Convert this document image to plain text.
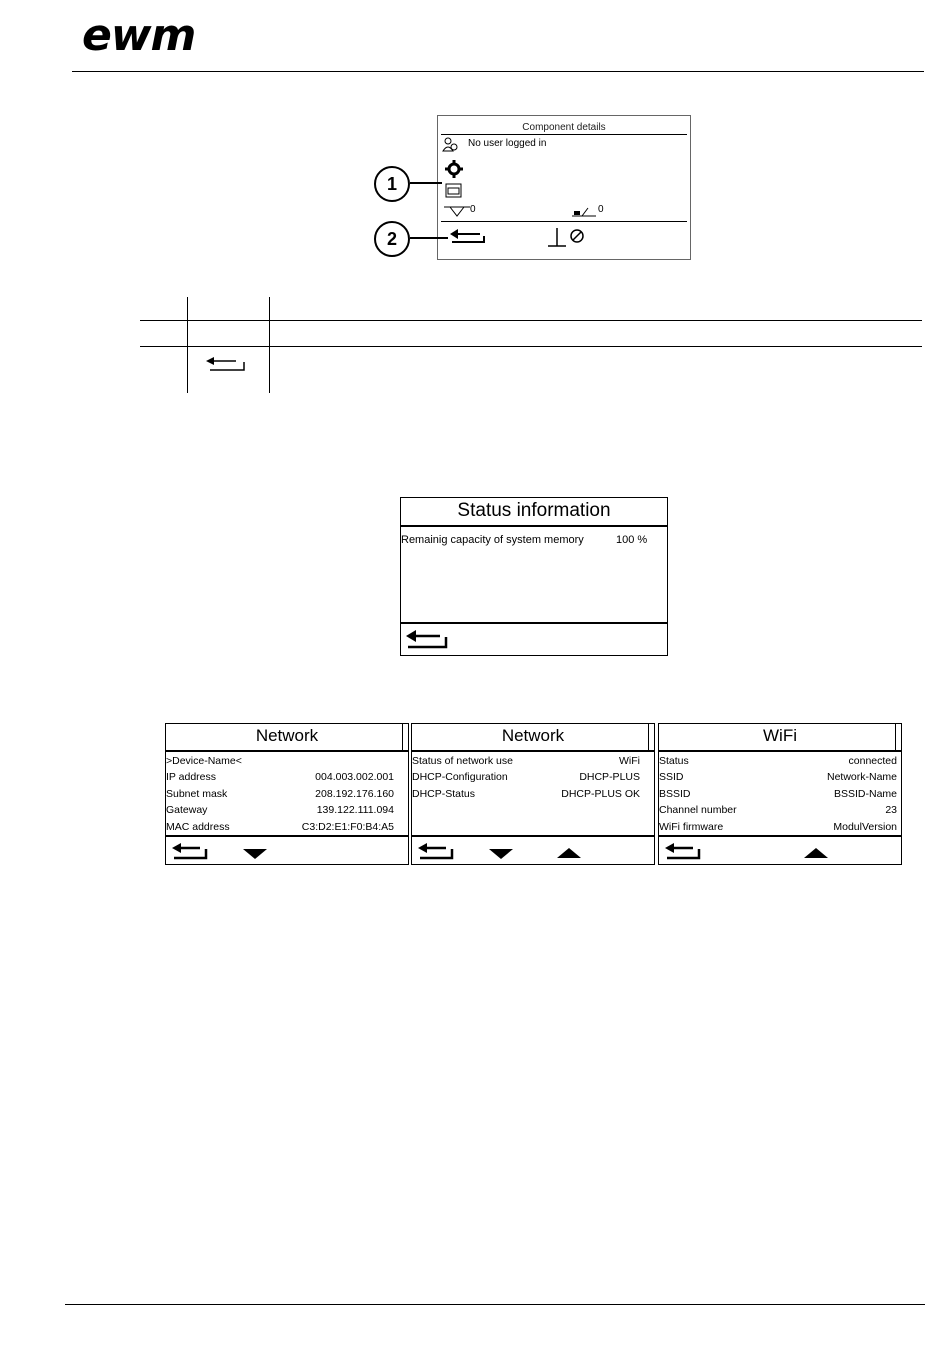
ewm
Component details
No user logged in
0	0
1
2
Status information
Remainig capacity of system memory	100 %
Network
>Device-Name<
IP address	004.003.002.001
Subnet mask	208.192.176.160
Gateway	139.122.111.094
MAC address	C3:D2:E1:F0:B4:A5
Network
Status of network use	WiFi
DHCP-Configuration	DHCP-PLUS
DHCP-Status	DHCP-PLUS OK
WiFi
Status	connected
SSID	Network-Name
BSSID	BSSID-Name
Channel number	23
WiFi firmware	ModulVersion
